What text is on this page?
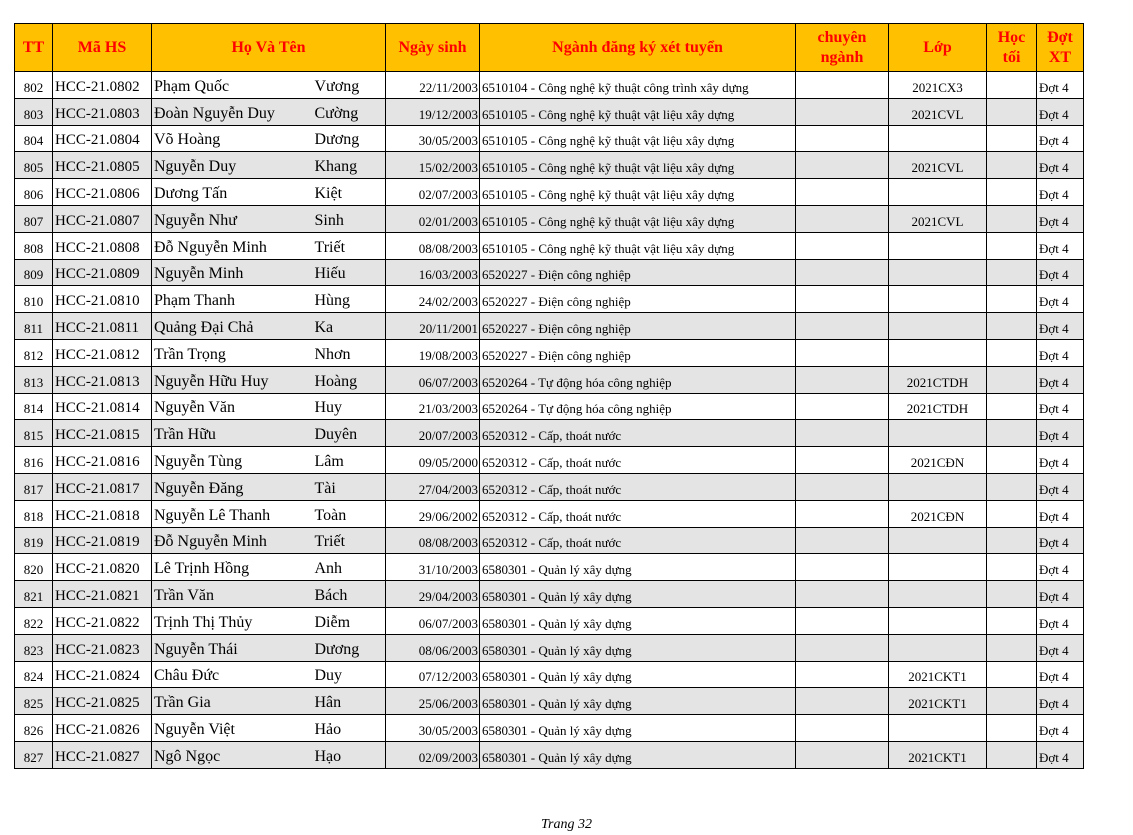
TT	Mã HS	Họ Và Tên		Ngày sinh	Ngành đăng ký xét tuyển	chuyên ngành	Lớp	Học tối	Đợt XT
802	HCC-21.0802	Phạm Quốc	Vương	22/11/2003	6510104 - Công nghệ kỹ thuật công trình xây dựng		2021CX3		Đợt 4
803	HCC-21.0803	Đoàn Nguyễn Duy	Cường	19/12/2003	6510105 - Công nghệ kỹ thuật vật liệu xây dựng		2021CVL		Đợt 4
804	HCC-21.0804	Võ Hoàng	Dương	30/05/2003	6510105 - Công nghệ kỹ thuật vật liệu xây dựng				Đợt 4
805	HCC-21.0805	Nguyễn Duy	Khang	15/02/2003	6510105 - Công nghệ kỹ thuật vật liệu xây dựng		2021CVL		Đợt 4
806	HCC-21.0806	Dương Tấn	Kiệt	02/07/2003	6510105 - Công nghệ kỹ thuật vật liệu xây dựng				Đợt 4
807	HCC-21.0807	Nguyễn Như	Sinh	02/01/2003	6510105 - Công nghệ kỹ thuật vật liệu xây dựng		2021CVL		Đợt 4
808	HCC-21.0808	Đỗ Nguyễn Minh	Triết	08/08/2003	6510105 - Công nghệ kỹ thuật vật liệu xây dựng				Đợt 4
809	HCC-21.0809	Nguyễn Minh	Hiếu	16/03/2003	6520227 - Điện công nghiệp				Đợt 4
810	HCC-21.0810	Phạm Thanh	Hùng	24/02/2003	6520227 - Điện công nghiệp				Đợt 4
811	HCC-21.0811	Quảng Đại Chả	Ka	20/11/2001	6520227 - Điện công nghiệp				Đợt 4
812	HCC-21.0812	Trần Trọng	Nhơn	19/08/2003	6520227 - Điện công nghiệp				Đợt 4
813	HCC-21.0813	Nguyễn Hữu Huy	Hoàng	06/07/2003	6520264 - Tự động hóa công nghiệp		2021CTDH		Đợt 4
814	HCC-21.0814	Nguyễn Văn	Huy	21/03/2003	6520264 - Tự động hóa công nghiệp		2021CTDH		Đợt 4
815	HCC-21.0815	Trần Hữu	Duyên	20/07/2003	6520312 - Cấp, thoát nước				Đợt 4
816	HCC-21.0816	Nguyễn Tùng	Lâm	09/05/2000	6520312 - Cấp, thoát nước		2021CĐN		Đợt 4
817	HCC-21.0817	Nguyễn Đăng	Tài	27/04/2003	6520312 - Cấp, thoát nước				Đợt 4
818	HCC-21.0818	Nguyễn Lê Thanh	Toàn	29/06/2002	6520312 - Cấp, thoát nước		2021CĐN		Đợt 4
819	HCC-21.0819	Đỗ Nguyễn Minh	Triết	08/08/2003	6520312 - Cấp, thoát nước				Đợt 4
820	HCC-21.0820	Lê Trịnh Hồng	Anh	31/10/2003	6580301 - Quản lý xây dựng				Đợt 4
821	HCC-21.0821	Trần Văn	Bách	29/04/2003	6580301 - Quản lý xây dựng				Đợt 4
822	HCC-21.0822	Trịnh Thị Thủy	Diễm	06/07/2003	6580301 - Quản lý xây dựng				Đợt 4
823	HCC-21.0823	Nguyễn Thái	Dương	08/06/2003	6580301 - Quản lý xây dựng				Đợt 4
824	HCC-21.0824	Châu Đức	Duy	07/12/2003	6580301 - Quản lý xây dựng		2021CKT1		Đợt 4
825	HCC-21.0825	Trần Gia	Hân	25/06/2003	6580301 - Quản lý xây dựng		2021CKT1		Đợt 4
826	HCC-21.0826	Nguyễn Việt	Hảo	30/05/2003	6580301 - Quản lý xây dựng				Đợt 4
827	HCC-21.0827	Ngô Ngọc	Hạo	02/09/2003	6580301 - Quản lý xây dựng		2021CKT1		Đợt 4
Trang 32
